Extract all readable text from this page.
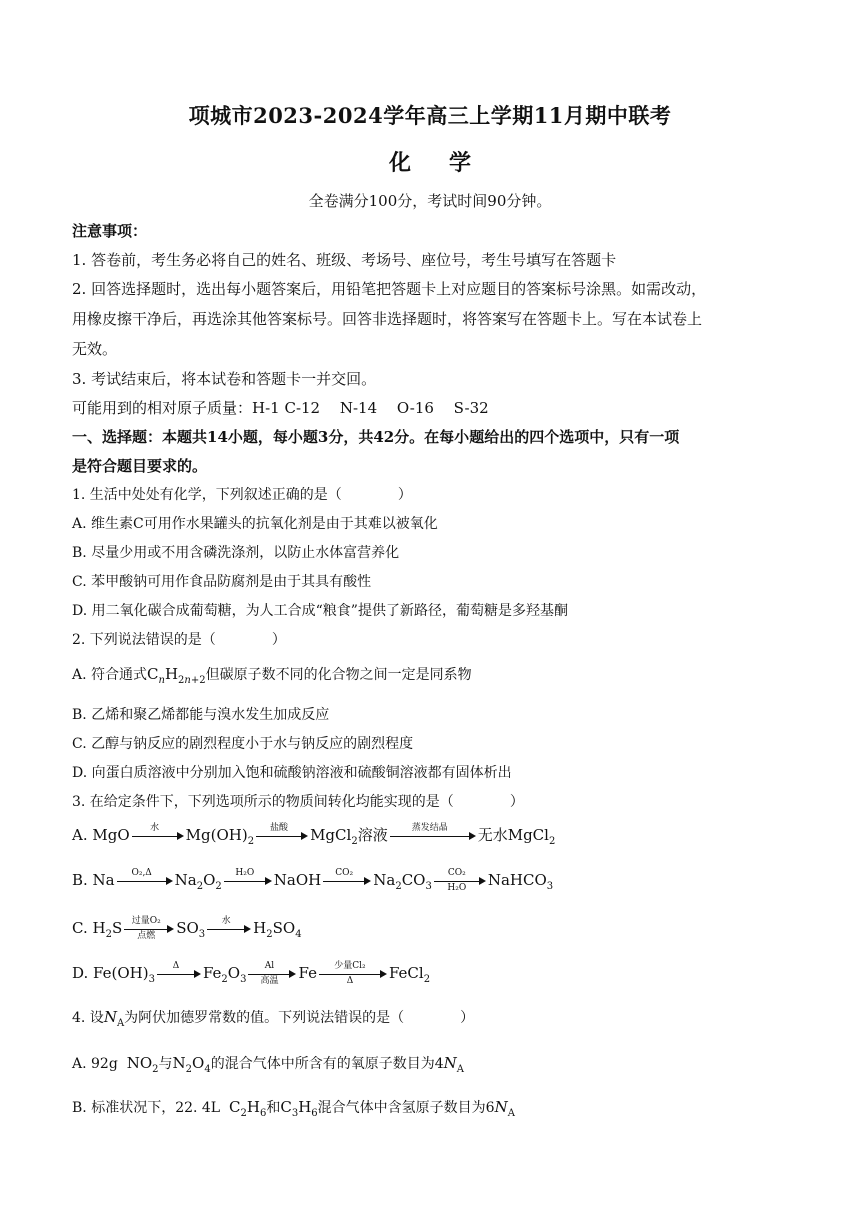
项城市2023-2024学年高三上学期11月期中联考
化 学
全卷满分100分，考试时间90分钟。
注意事项：
1. 答卷前，考生务必将自己的姓名、班级、考场号、座位号，考生号填写在答题卡
2. 回答选择题时，选出每小题答案后，用铅笔把答题卡上对应题目的答案标号涂黑。如需改动，
用橡皮擦干净后，再选涂其他答案标号。回答非选择题时，将答案写在答题卡上。写在本试卷上
无效。
3. 考试结束后，将本试卷和答题卡一并交回。
可能用到的相对原子质量：H-1 C-12　 N-14　 O-16　 S-32
一、选择题：本题共14小题，每小题3分，共42分。在每小题给出的四个选项中，只有一项
是符合题目要求的。
1. 生活中处处有化学，下列叙述正确的是（	）
A. 维生素C可用作水果罐头的抗氧化剂是由于其难以被氧化
B. 尽量少用或不用含磷洗涤剂，以防止水体富营养化
C. 苯甲酸钠可用作食品防腐剂是由于其具有酸性
D. 用二氧化碳合成葡萄糖，为人工合成“粮食”提供了新路径，葡萄糖是多羟基酮
2. 下列说法错误的是（	）
A. 符合通式$C_nH_{2n+2}$但碳原子数不同的化合物之间一定是同系物
B. 乙烯和聚乙烯都能与溴水发生加成反应
C. 乙醇与钠反应的剧烈程度小于水与钠反应的剧烈程度
D. 向蛋白质溶液中分别加入饱和硫酸钠溶液和硫酸铜溶液都有固体析出
3. 在给定条件下，下列选项所示的物质间转化均能实现的是（	）
A. MgO	水	$Mg(OH)_2$
盐酸	MgCl$_2$溶液	蒸发结晶	无水MgCl$_2$
B. Na	O₂,Δ	$Na_2O_2$
H₂O	NaOH	CO₂	$Na_2CO_3 \frac{\text{CO₂}}{\text{H₂O}}$ NaHCO$_3$
C. $H_2S$	过量O₂
点燃	$SO_3$
水	$H_2SO_4$
D. $Fe(OH)_3$
Δ	$Fe_2O_3$
Al
高温	Fe	少量Cl₂
Δ	FeCl$_2$
4. 设$N_A$为阿伏加德罗常数的值。下列说法错误的是（	）
A. 92g $NO_2$与$N_2O_4$的混合气体中所含有的氧原子数目为$4N_A$
B. 标准状况下，22. 4L $C_2H_6$和$C_3H_6$混合气体中含氢原子数目为$6N_A$
